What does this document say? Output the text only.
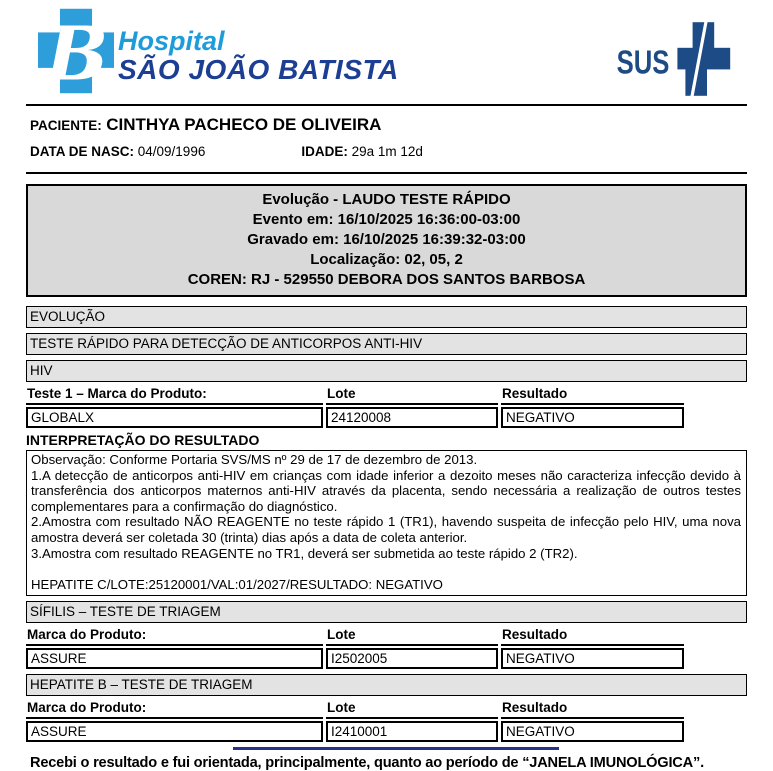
B Hospital
SÃO JOÃO BATISTA	SUS
PACIENTE: CINTHYA PACHECO DE OLIVEIRA
DATA DE NASC: 04/09/1996	IDADE: 29a 1m 12d
Evolução - LAUDO TESTE RÁPIDO
Evento em: 16/10/2025 16:36:00-03:00
Gravado em: 16/10/2025 16:39:32-03:00
Localização: 02, 05, 2
COREN: RJ - 529550 DEBORA DOS SANTOS BARBOSA
EVOLUÇÃO
TESTE RÁPIDO PARA DETECÇÃO DE ANTICORPOS ANTI-HIV
HIV
Teste 1 – Marca do Produto:	Lote	Resultado
GLOBALX	24120008	NEGATIVO
INTERPRETAÇÃO DO RESULTADO

Observação: Conforme Portaria SVS/MS nº 29 de 17 de dezembro de 2013.

1.A detecção de anticorpos anti-HIV em crianças com idade inferior a dezoito meses não caracteriza infecção devido à transferência dos anticorpos maternos anti-HIV através da placenta, sendo necessária a realização de outros testes complementares para a confirmação do diagnóstico.

2.Amostra com resultado NÃO REAGENTE no teste rápido 1 (TR1), havendo suspeita de infecção pelo HIV, uma nova amostra deverá ser coletada 30 (trinta) dias após a data de coleta anterior.

3.Amostra com resultado REAGENTE no TR1, deverá ser submetida ao teste rápido 2 (TR2).

HEPATITE C/LOTE:25120001/VAL:01/2027/RESULTADO: NEGATIVO

SÍFILIS – TESTE DE TRIAGEM
Marca do Produto:	Lote	Resultado
ASSURE	I2502005	NEGATIVO
HEPATITE B – TESTE DE TRIAGEM
Marca do Produto:	Lote	Resultado
ASSURE	I2410001	NEGATIVO
Recebi o resultado e fui orientada, principalmente, quanto ao período de “JANELA IMUNOLÓGICA”.
